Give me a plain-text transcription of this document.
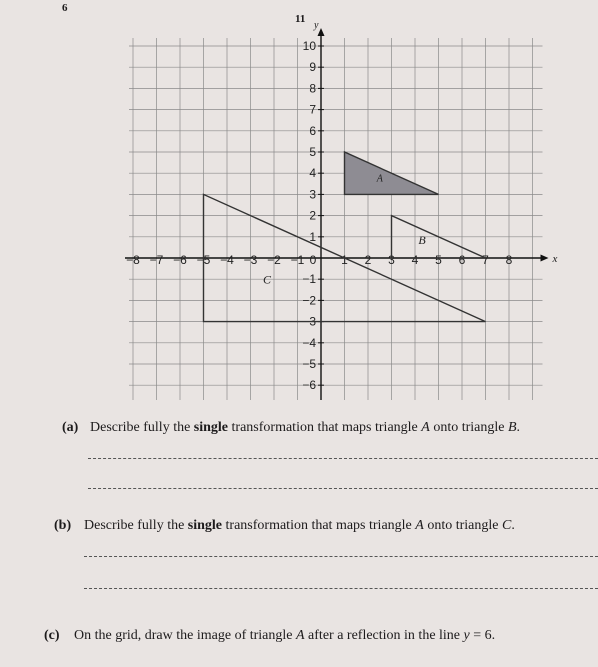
6
11
x
y
−8 −7 −6 −5 −4 −3 −2 −1 0 1 2 3 4 5 6 7 8
10
9
8
7
6
5
4
3
2
1
−1
−2
−3
−4
−5
−6
A
B
C
(a) Describe fully the single transformation that maps triangle A onto triangle B.
(b) Describe fully the single transformation that maps triangle A onto triangle C.
(c) On the grid, draw the image of triangle A after a reflection in the line y = 6.
